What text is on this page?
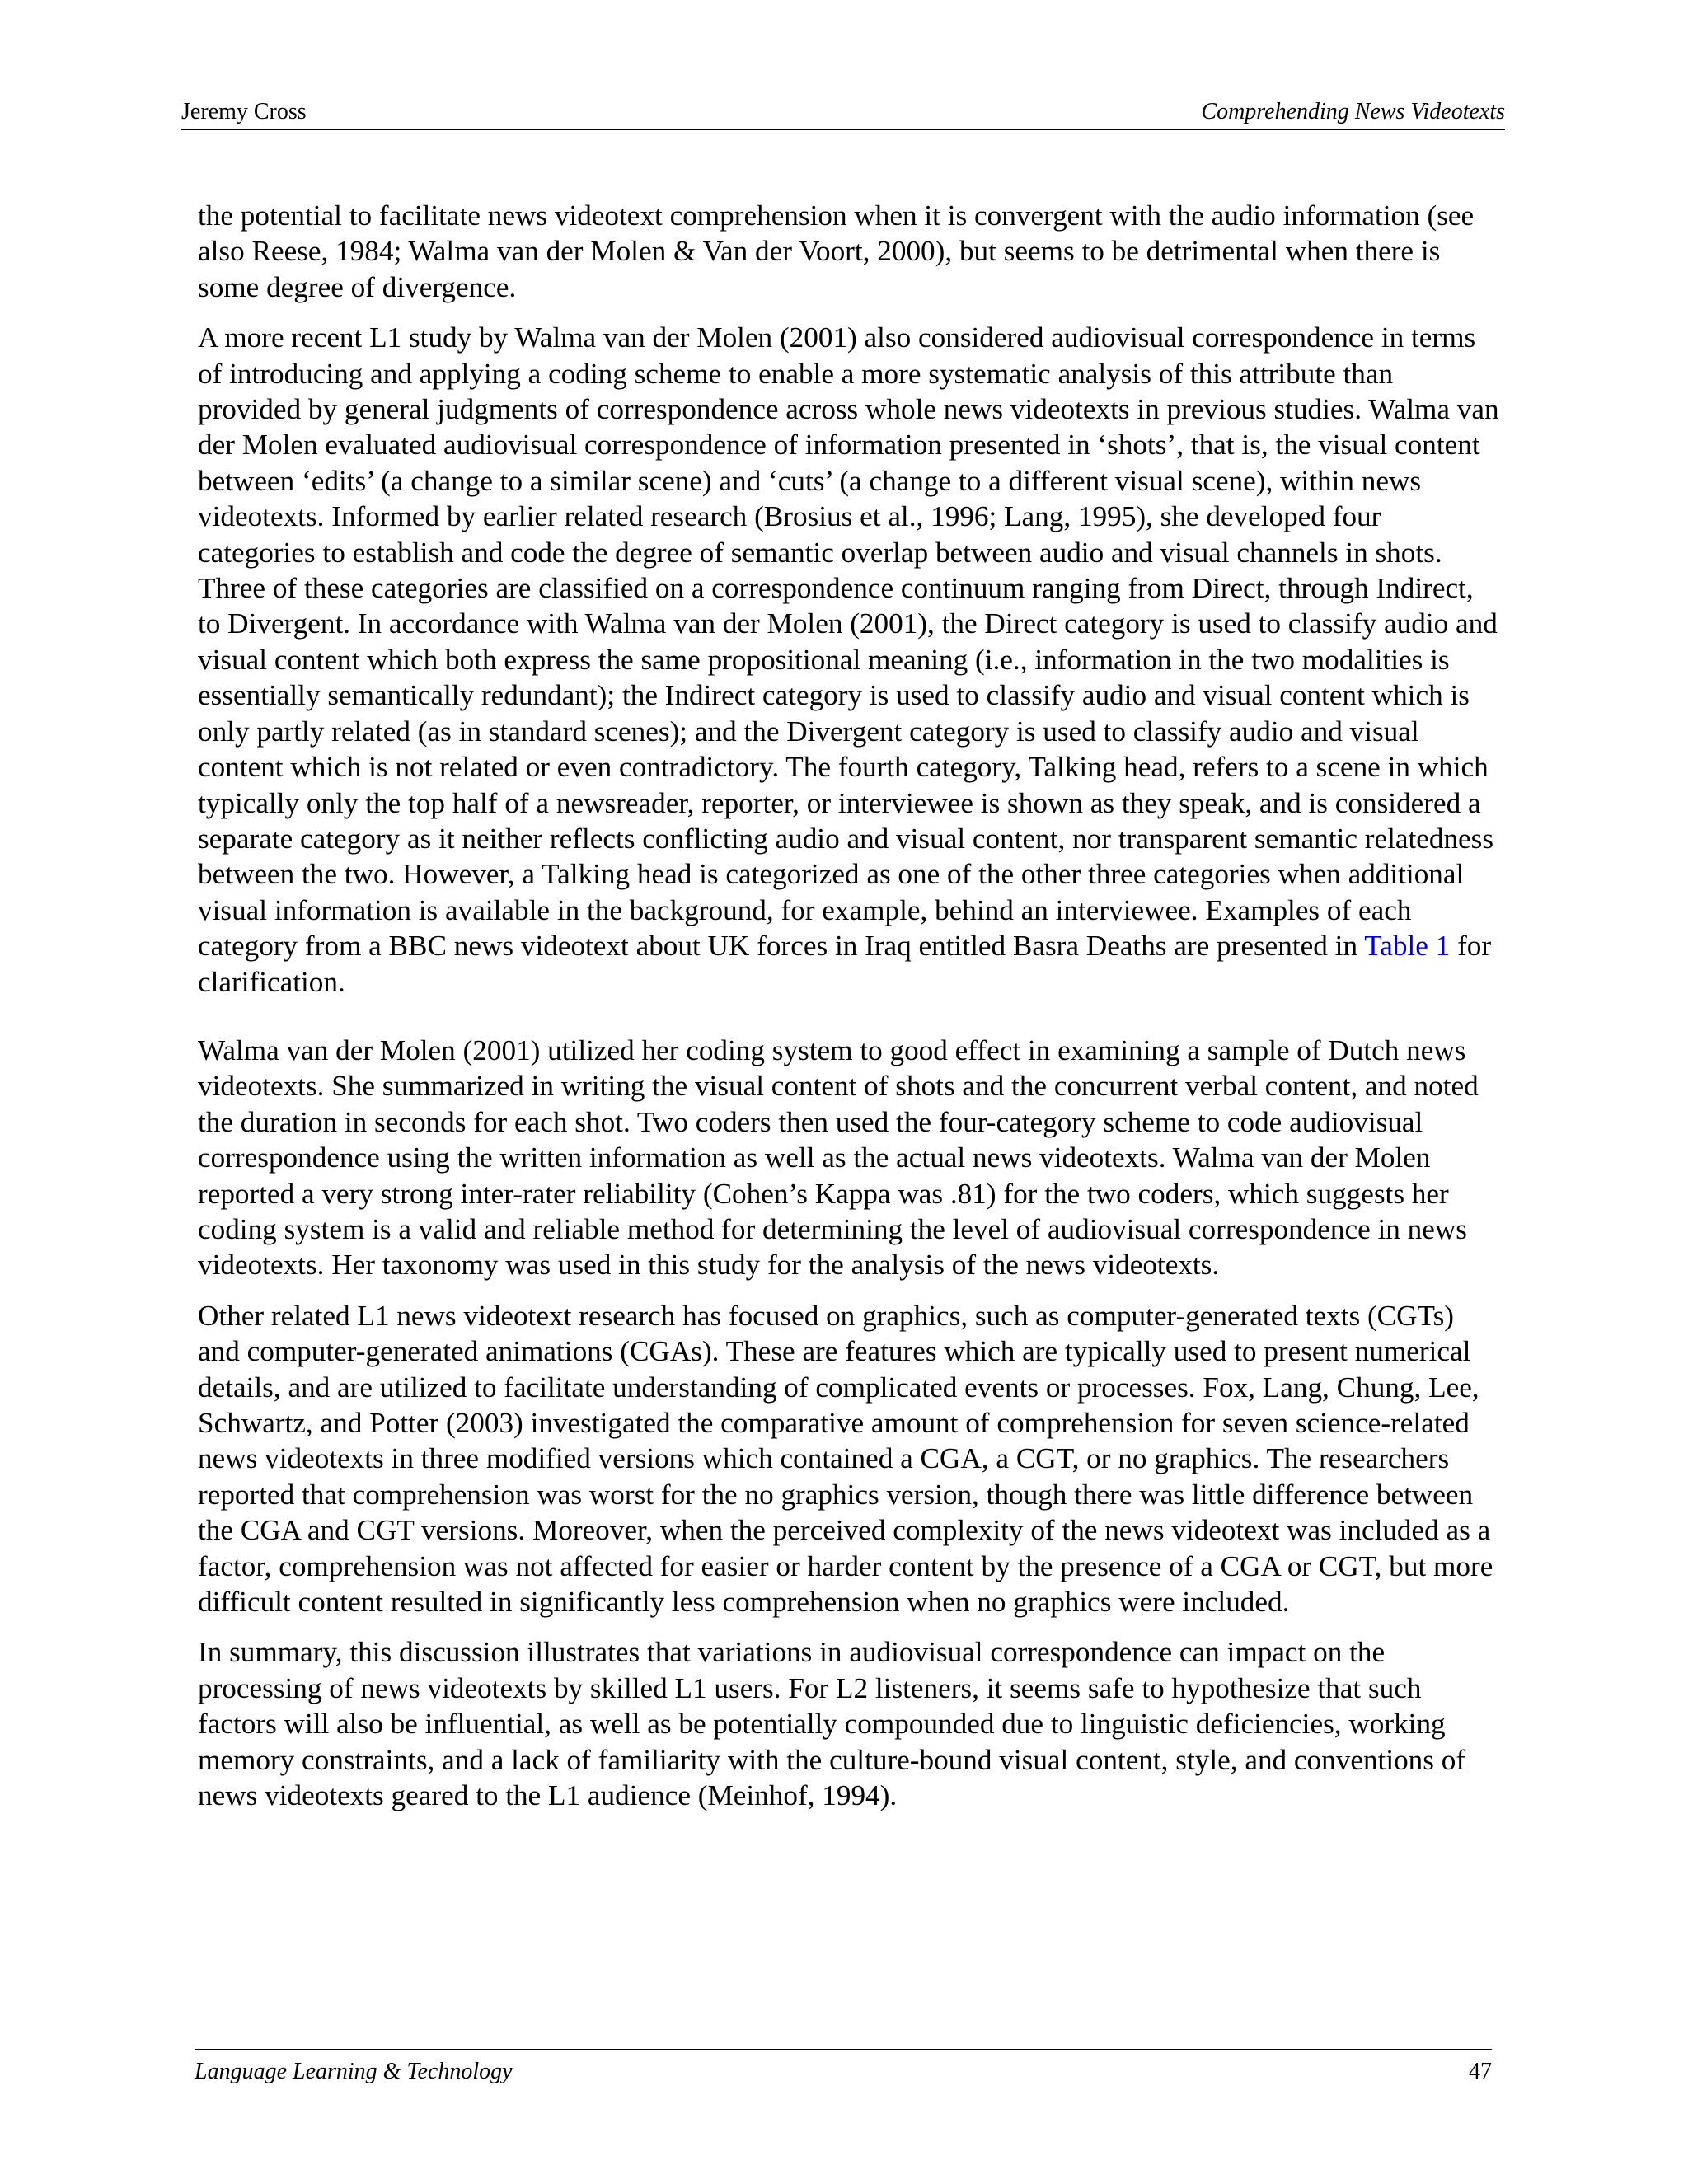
Jeremy Cross	Comprehending News Videotexts

the potential to facilitate news videotext comprehension when it is convergent with the audio information (see also Reese, 1984; Walma van der Molen & Van der Voort, 2000), but seems to be detrimental when there is some degree of divergence.

A more recent L1 study by Walma van der Molen (2001) also considered audiovisual correspondence in terms of introducing and applying a coding scheme to enable a more systematic analysis of this attribute than provided by general judgments of correspondence across whole news videotexts in previous studies. Walma van der Molen evaluated audiovisual correspondence of information presented in ‘shots’, that is, the visual content between ‘edits’ (a change to a similar scene) and ‘cuts’ (a change to a different visual scene), within news videotexts. Informed by earlier related research (Brosius et al., 1996; Lang, 1995), she developed four categories to establish and code the degree of semantic overlap between audio and visual channels in shots. Three of these categories are classified on a correspondence continuum ranging from Direct, through Indirect, to Divergent. In accordance with Walma van der Molen (2001), the Direct category is used to classify audio and visual content which both express the same propositional meaning (i.e., information in the two modalities is essentially semantically redundant); the Indirect category is used to classify audio and visual content which is only partly related (as in standard scenes); and the Divergent category is used to classify audio and visual content which is not related or even contradictory. The fourth category, Talking head, refers to a scene in which typically only the top half of a newsreader, reporter, or interviewee is shown as they speak, and is considered a separate category as it neither reflects conflicting audio and visual content, nor transparent semantic relatedness between the two. However, a Talking head is categorized as one of the other three categories when additional visual information is available in the background, for example, behind an interviewee. Examples of each category from a BBC news videotext about UK forces in Iraq entitled Basra Deaths are presented in Table 1 for clarification.

Walma van der Molen (2001) utilized her coding system to good effect in examining a sample of Dutch news videotexts. She summarized in writing the visual content of shots and the concurrent verbal content, and noted the duration in seconds for each shot. Two coders then used the four-category scheme to code audiovisual correspondence using the written information as well as the actual news videotexts. Walma van der Molen reported a very strong inter-rater reliability (Cohen’s Kappa was .81) for the two coders, which suggests her coding system is a valid and reliable method for determining the level of audiovisual correspondence in news videotexts. Her taxonomy was used in this study for the analysis of the news videotexts.

Other related L1 news videotext research has focused on graphics, such as computer-generated texts (CGTs) and computer-generated animations (CGAs). These are features which are typically used to present numerical details, and are utilized to facilitate understanding of complicated events or processes. Fox, Lang, Chung, Lee, Schwartz, and Potter (2003) investigated the comparative amount of comprehension for seven science-related news videotexts in three modified versions which contained a CGA, a CGT, or no graphics. The researchers reported that comprehension was worst for the no graphics version, though there was little difference between the CGA and CGT versions. Moreover, when the perceived complexity of the news videotext was included as a factor, comprehension was not affected for easier or harder content by the presence of a CGA or CGT, but more difficult content resulted in significantly less comprehension when no graphics were included.

In summary, this discussion illustrates that variations in audiovisual correspondence can impact on the processing of news videotexts by skilled L1 users. For L2 listeners, it seems safe to hypothesize that such factors will also be influential, as well as be potentially compounded due to linguistic deficiencies, working memory constraints, and a lack of familiarity with the culture-bound visual content, style, and conventions of news videotexts geared to the L1 audience (Meinhof, 1994).

Language Learning & Technology	47
